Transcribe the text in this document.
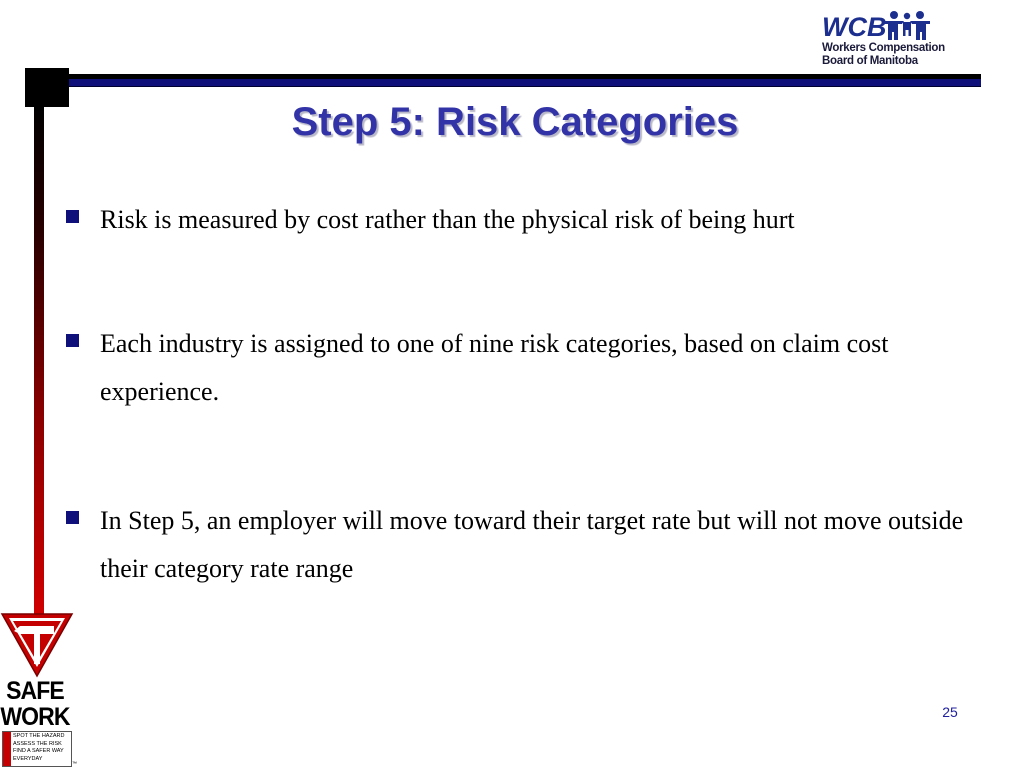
WCB
Workers Compensation
Board of Manitoba
Step 5: Risk Categories
Risk is measured by cost rather than the physical risk of being hurt
Each industry is assigned to one of nine risk categories, based on claim cost experience.
In Step 5, an employer will move toward their target rate but will not move outside their category rate range
SAFE
WORK
SPOT THE HAZARD
ASSESS THE RISK
FIND A SAFER WAY
EVERYDAY
™
25
